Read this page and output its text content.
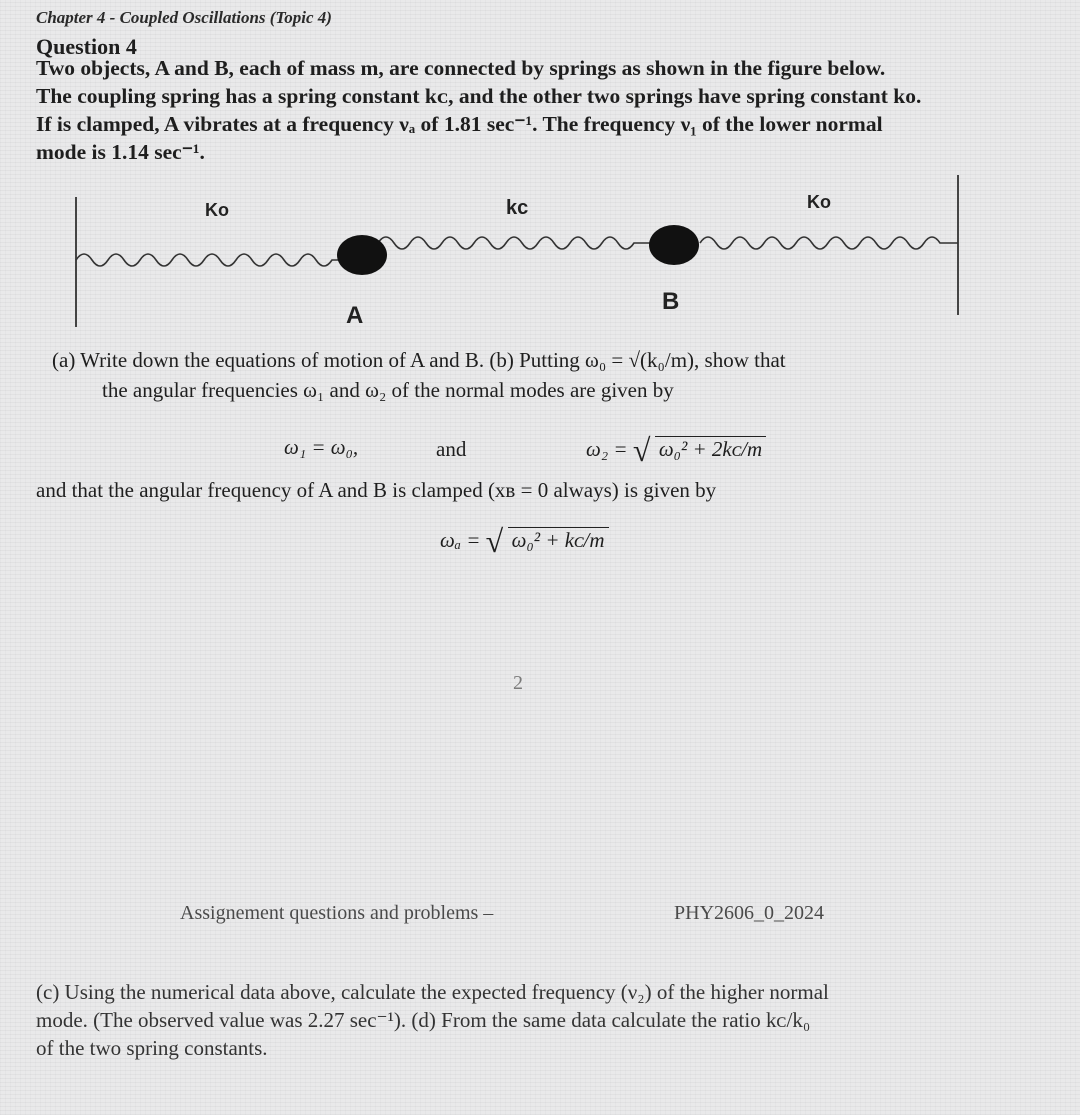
Chapter 4 - Coupled Oscillations (Topic 4)
Question 4
Two objects, A and B, each of mass m, are connected by springs as shown in the figure below.
The coupling spring has a spring constant kᴄ, and the other two springs have spring constant ko.
If is clamped, A vibrates at a frequency νₐ of 1.81 sec⁻¹. The frequency ν₁ of the lower normal
mode is 1.14 sec⁻¹.
Ko	kc	Ko
A
B
(a) Write down the equations of motion of A and B. (b) Putting ω₀ = √(k₀/m), show that
the angular frequencies ω₁ and ω₂ of the normal modes are given by
ω₁ = ω₀,	and	ω₂ = √ ω₀² + 2kᴄ/m
and that the angular frequency of A and B is clamped (xʙ = 0 always) is given by
ωₐ = √ ω₀² + kᴄ/m
2
Assignement questions and problems –	PHY2606_0_2024
(c) Using the numerical data above, calculate the expected frequency (ν₂) of the higher normal
mode. (The observed value was 2.27 sec⁻¹). (d) From the same data calculate the ratio kᴄ/k₀
of the two spring constants.
